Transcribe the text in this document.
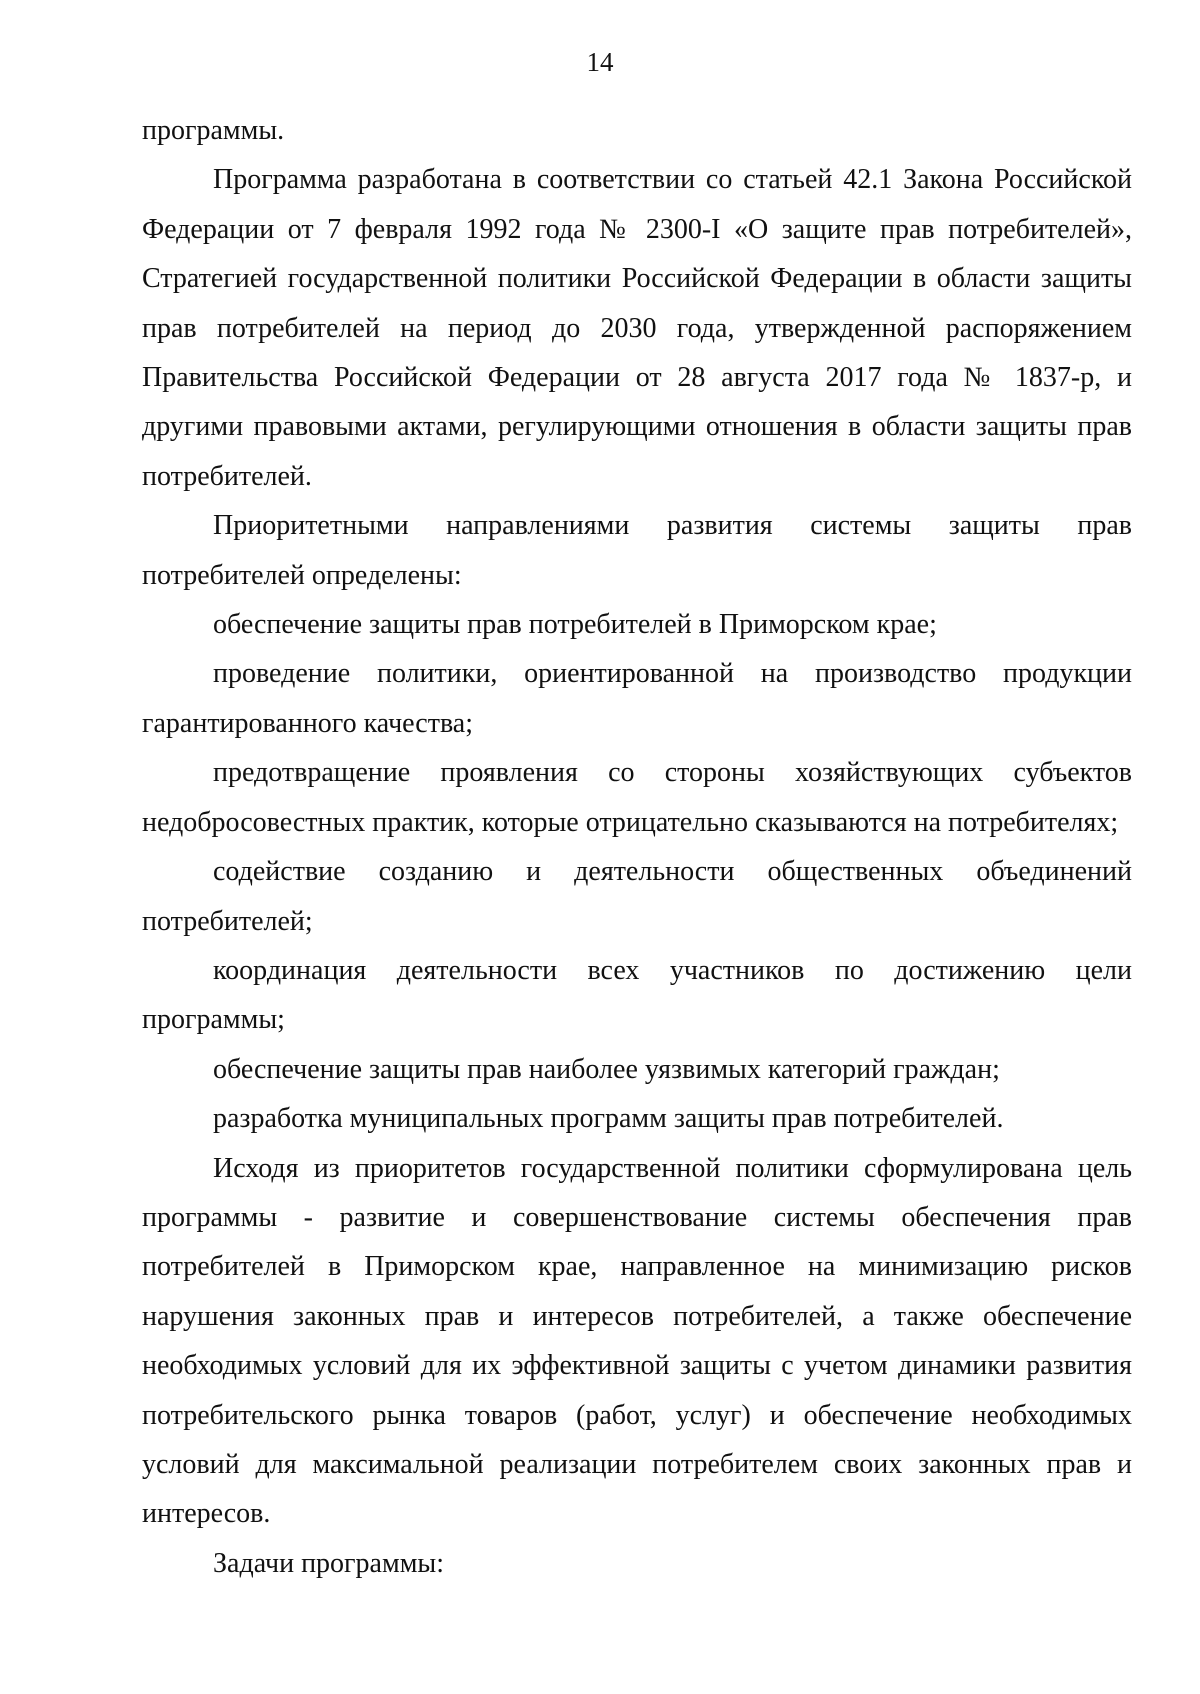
14

программы.

Программа разработана в соответствии со статьей 42.1 Закона Российской Федерации от 7 февраля 1992 года № 2300-I «О защите прав потребителей», Стратегией государственной политики Российской Федерации в области защиты прав потребителей на период до 2030 года, утвержденной распоряжением Правительства Российской Федерации от 28 августа 2017 года № 1837-р, и другими правовыми актами, регулирующими отношения в области защиты прав потребителей.

Приоритетными направлениями развития системы защиты прав потребителей определены:

обеспечение защиты прав потребителей в Приморском крае;

проведение политики, ориентированной на производство продукции гарантированного качества;

предотвращение проявления со стороны хозяйствующих субъектов недобросовестных практик, которые отрицательно сказываются на потребителях;

содействие созданию и деятельности общественных объединений потребителей;

координация деятельности всех участников по достижению цели программы;

обеспечение защиты прав наиболее уязвимых категорий граждан;

разработка муниципальных программ защиты прав потребителей.

Исходя из приоритетов государственной политики сформулирована цель программы - развитие и совершенствование системы обеспечения прав потребителей в Приморском крае, направленное на минимизацию рисков нарушения законных прав и интересов потребителей, а также обеспечение необходимых условий для их эффективной защиты с учетом динамики развития потребительского рынка товаров (работ, услуг) и обеспечение необходимых условий для максимальной реализации потребителем своих законных прав и интересов.

Задачи программы:
